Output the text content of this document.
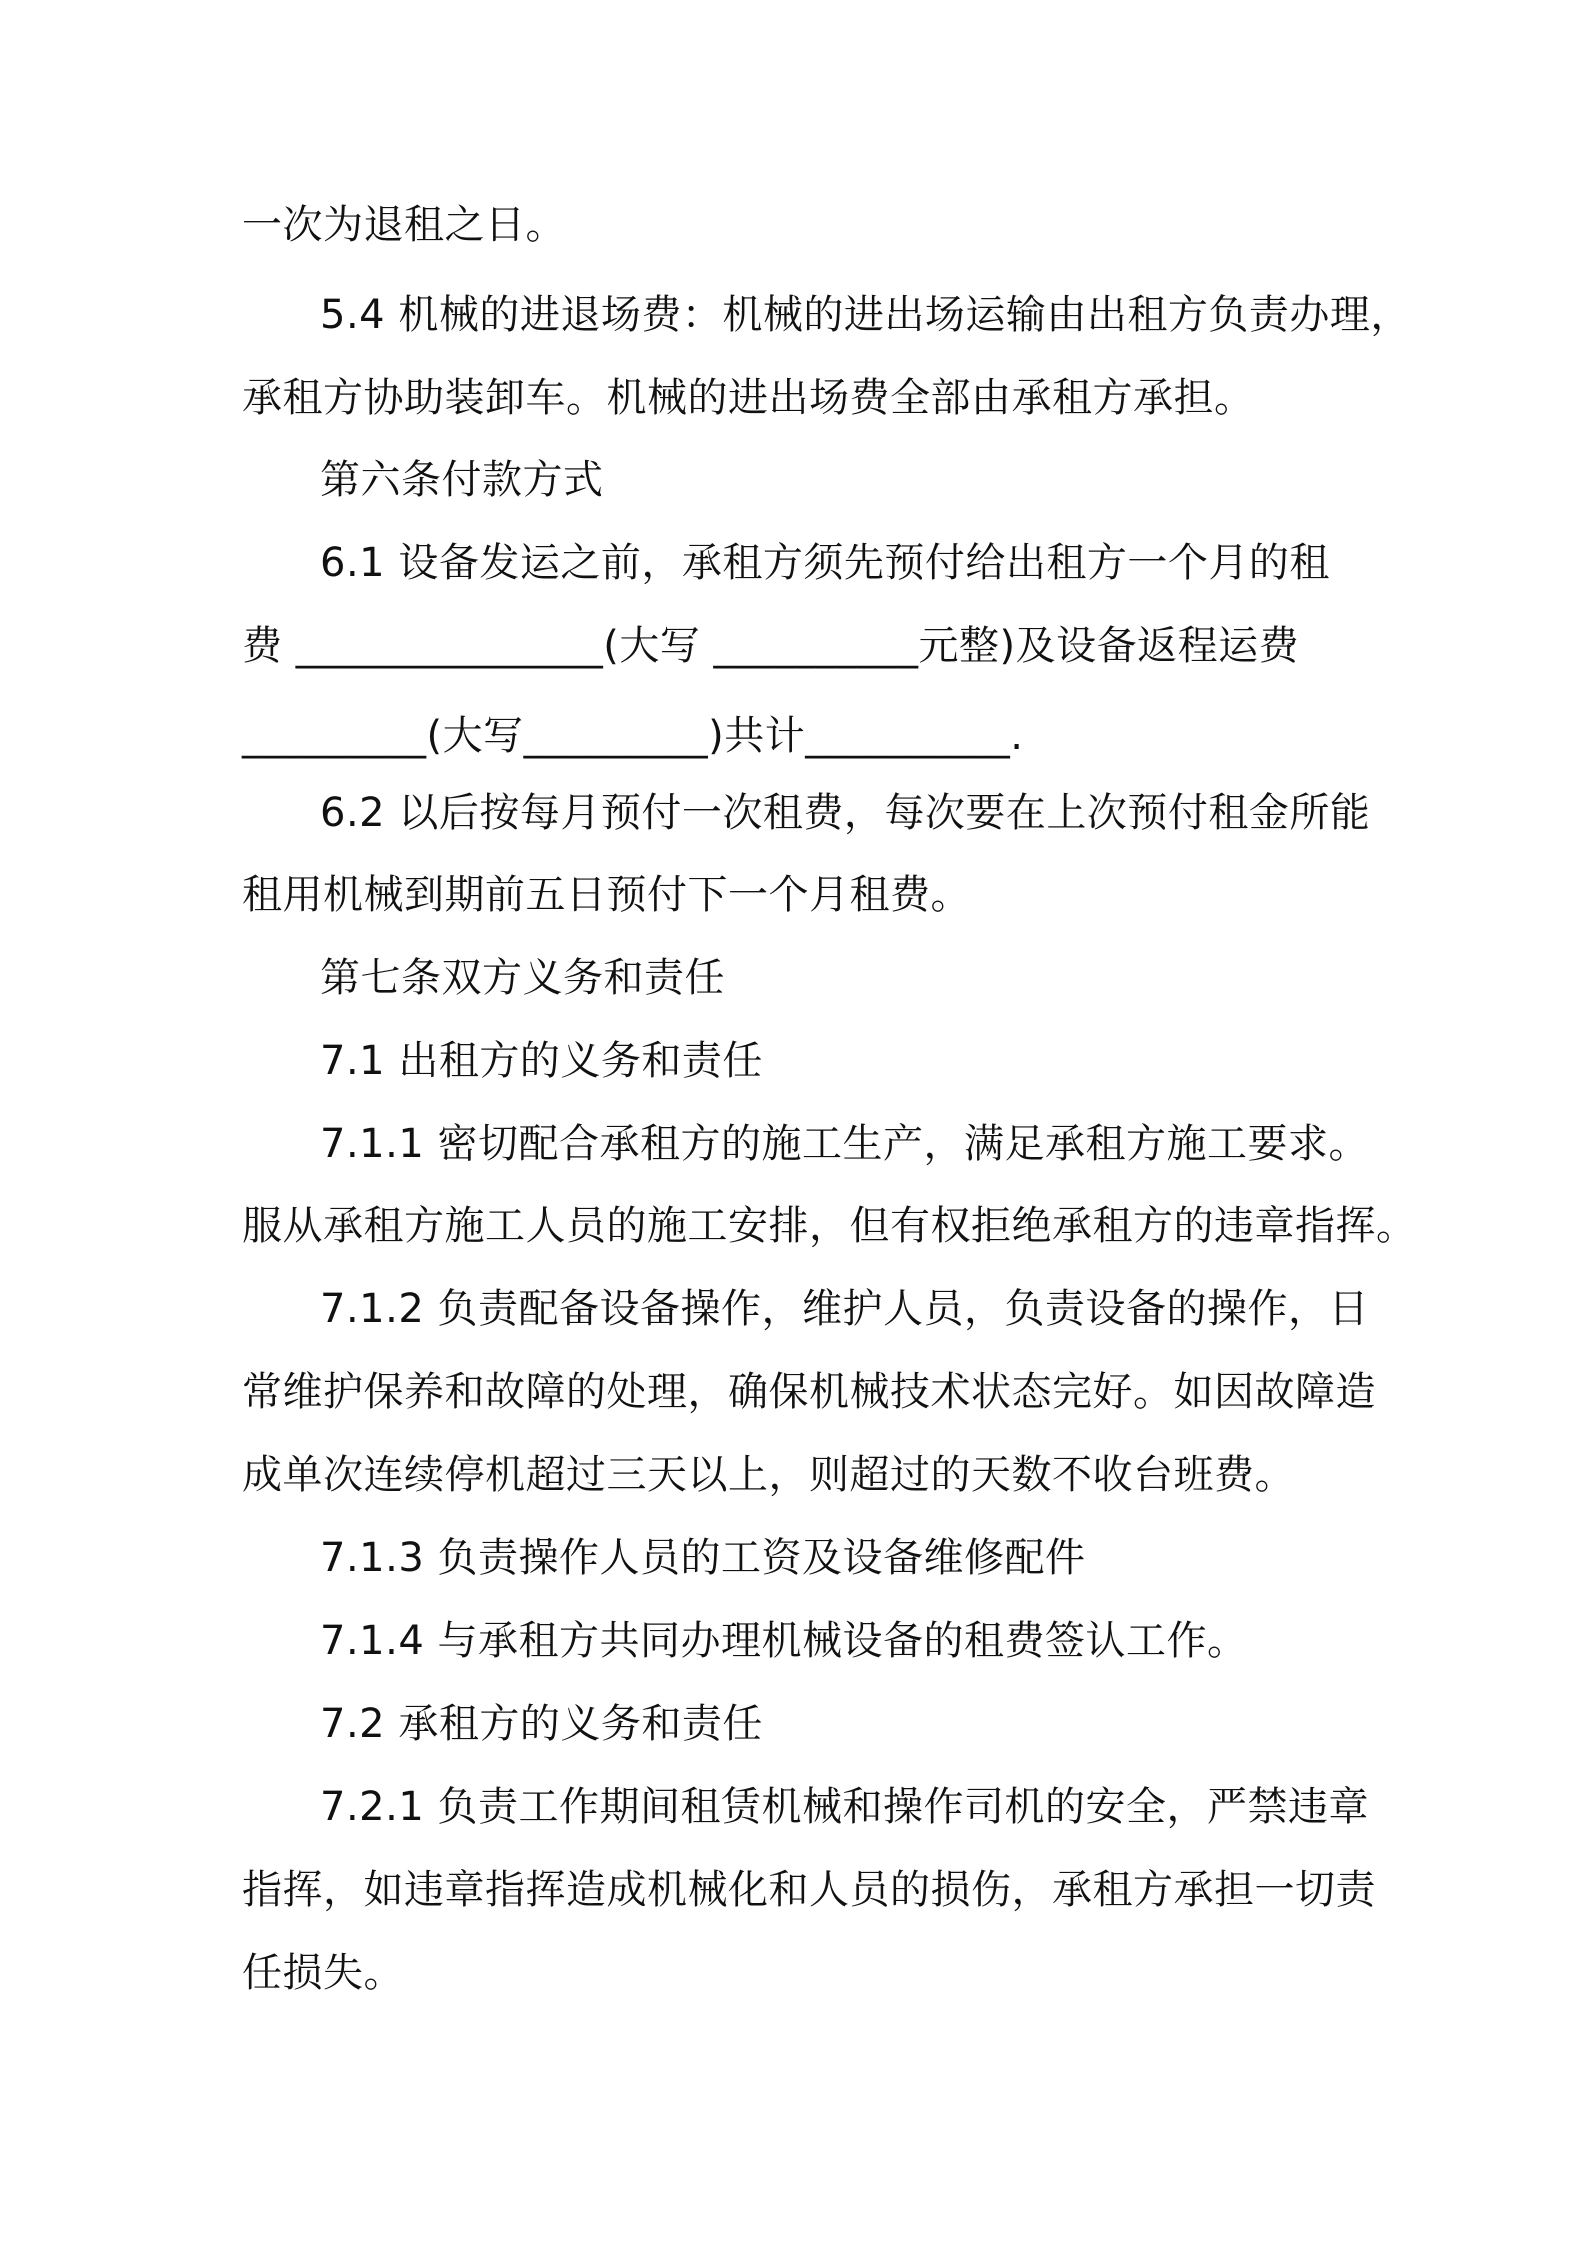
一次为退租之日。
5.4 机械的进退场费：机械的进出场运输由出租方负责办理，
承租方协助装卸车。机械的进出场费全部由承租方承担。
第六条付款方式
6.1 设备发运之前，承租方须先预付给出租方一个月的租
费 _______________(大写 __________元整)及设备返程运费
_________(大写_________)共计__________.
6.2 以后按每月预付一次租费，每次要在上次预付租金所能
租用机械到期前五日预付下一个月租费。
第七条双方义务和责任
7.1 出租方的义务和责任
7.1.1 密切配合承租方的施工生产，满足承租方施工要求。
服从承租方施工人员的施工安排，但有权拒绝承租方的违章指挥。
7.1.2 负责配备设备操作，维护人员，负责设备的操作，日
常维护保养和故障的处理，确保机械技术状态完好。如因故障造
成单次连续停机超过三天以上，则超过的天数不收台班费。
7.1.3 负责操作人员的工资及设备维修配件
7.1.4 与承租方共同办理机械设备的租费签认工作。
7.2 承租方的义务和责任
7.2.1 负责工作期间租赁机械和操作司机的安全，严禁违章
指挥，如违章指挥造成机械化和人员的损伤，承租方承担一切责
任损失。
